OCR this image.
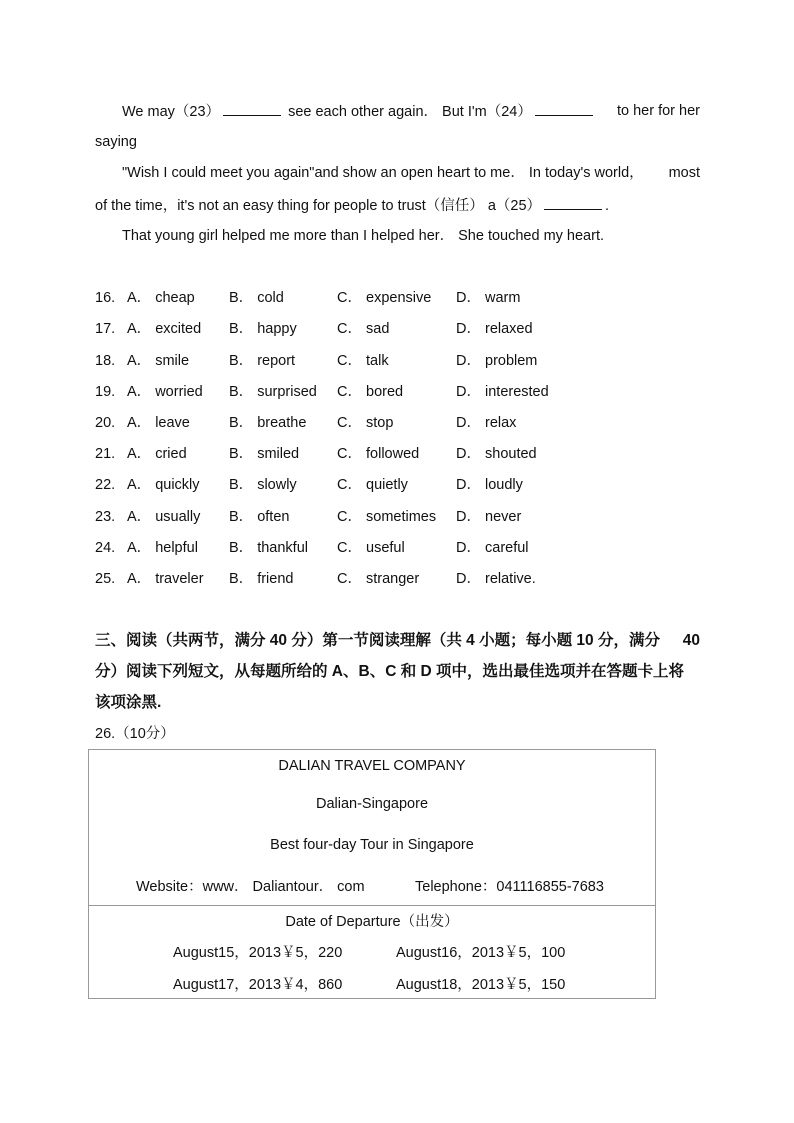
We may（23）	see each other again． But I'm（24）	to her for her
saying
"Wish I could meet you again"and show an open heart to me． In today's world， most
of the time，it's not an easy thing for people to trust（信任） a（25）	.
That young girl helped me more than I helped her． She touched my heart.
16. A． cheap B． cold	C． expensive D． warm
17. A． excited B． happy	C． sad	D． relaxed
18. A． smile	B． report	C． talk	D． problem
19. A． worried B． surprised C． bored	D． interested
20. A． leave	B． breathe C． stop	D． relax
21. A． cried	B． smiled	C． followed	D． shouted
22. A． quickly B． slowly	C． quietly	D． loudly
23. A． usually B． often	C． sometimes D． never
24. A． helpful B． thankful C． useful	D． careful
25. A． traveler B． friend	C． stranger	D． relative.
三、阅读（共两节，满分 40 分）第一节阅读理解（共 4 小题；每小题 10 分，满分 40
分）阅读下列短文，从每题所给的 A、B、C 和 D 项中，选出最佳选项并在答题卡上将
该项涂黑.
26.（10分）
DALIAN TRAVEL COMPANY
Dalian-Singapore
Best four-day Tour in Singapore
Website：www． Daliantour． com	Telephone：041116855-7683
Date of Departure（出发）
August15，2013￥5，220	August16，2013￥5，100
August17，2013￥4，860	August18，2013￥5，150
